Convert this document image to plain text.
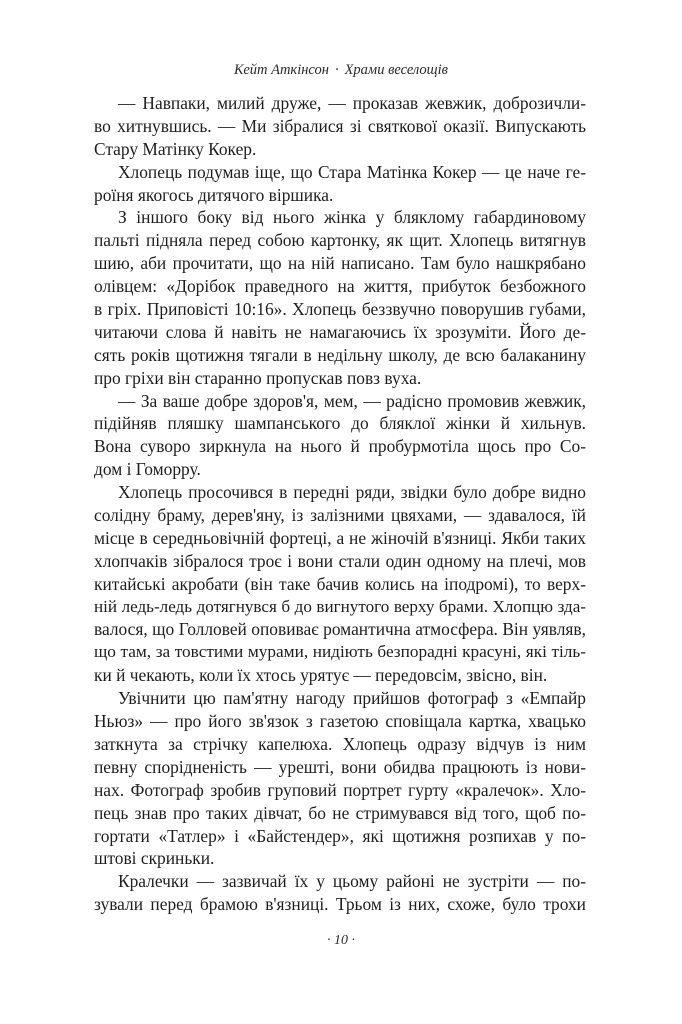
Кейт Аткінсон · Храми веселощів
— Навпаки, милий друже, — проказав жевжик, доброзичли-
во хитнувшись. — Ми зібралися зі святкової оказії. Випускають
Стару Матінку Кокер.
Хлопець подумав іще, що Стара Матінка Кокер — це наче ге-
роїня якогось дитячого віршика.
З іншого боку від нього жінка у бляклому габардиновому
пальті підняла перед собою картонку, як щит. Хлопець витягнув
шию, аби прочитати, що на ній написано. Там було нашкрябано
олівцем: «Дорібок праведного на життя, прибуток безбожного
в гріх. Приповісті 10:16». Хлопець беззвучно поворушив губами,
читаючи слова й навіть не намагаючись їх зрозуміти. Його де-
сять років щотижня тягали в недільну школу, де всю балаканину
про гріхи він старанно пропускав повз вуха.
— За ваше добре здоров'я, мем, — радісно промовив жевжик,
підійняв пляшку шампанського до бляклої жінки й хильнув.
Вона суворо зиркнула на нього й пробурмотіла щось про Со-
дом і Гоморру.
Хлопець просочився в передні ряди, звідки було добре видно
солідну браму, дерев'яну, із залізними цвяхами, — здавалося, їй
місце в середньовічній фортеці, а не жіночій в'язниці. Якби таких
хлопчаків зібралося троє і вони стали один одному на плечі, мов
китайські акробати (він таке бачив колись на іподромі), то верх-
ній ледь-ледь дотягнувся б до вигнутого верху брами. Хлопцю зда-
валося, що Голловей оповиває романтична атмосфера. Він уявляв,
що там, за товстими мурами, нидіють безпорадні красуні, які тіль-
ки й чекають, коли їх хтось урятує — передовсім, звісно, він.
Увічнити цю пам'ятну нагоду прийшов фотограф з «Емпайр
Ньюз» — про його зв'язок з газетою сповіщала картка, хвацько
заткнута за стрічку капелюха. Хлопець одразу відчув із ним
певну спорідненість — урешті, вони обидва працюють із нови-
нах. Фотограф зробив груповий портрет гурту «кралечок». Хло-
пець знав про таких дівчат, бо не стримувався від того, щоб по-
гортати «Татлер» і «Байстендер», які щотижня розпихав у по-
штові скриньки.
Кралечки — зазвичай їх у цьому районі не зустріти — по-
зували перед брамою в'язниці. Трьом із них, схоже, було трохи
· 10 ·
